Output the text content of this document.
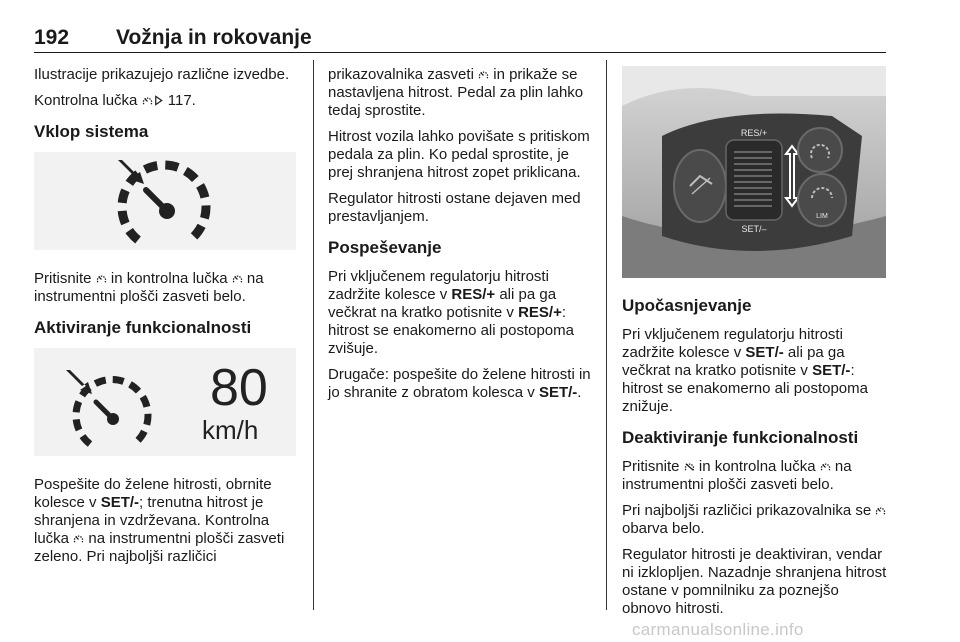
192 Vožnja in rokovanje

Ilustracije prikazujejo različne izvedbe.

Kontrolna lučka
117.

Vklop sistema

Pritisnite
in kontrolna lučka
na instrumentni plošči zasveti belo.

Aktiviranje funkcionalnosti
80
km/h

Pospešite do želene hitrosti, obrnite kolesce v SET/-; trenutna hitrost je shranjena in vzdrževana. Kontrolna lučka
na instrumentni plošči zasveti zeleno. Pri najboljši različici

prikazovalnika zasveti
in prikaže se nastavljena hitrost. Pedal za plin lahko tedaj sprostite.

Hitrost vozila lahko povišate s pritiskom pedala za plin. Ko pedal sprostite, je prej shranjena hitrost zopet priklicana.

Regulator hitrosti ostane dejaven med prestavljanjem.

Pospeševanje

Pri vključenem regulatorju hitrosti zadržite kolesce v RES/+ ali pa ga večkrat na kratko potisnite v RES/+: hitrost se enakomerno ali postopoma zvišuje.

Drugače: pospešite do želene hitrosti in jo shranite z obratom kolesca v SET/-.

RES/+
SET/–
LIM
Upočasnjevanje

Pri vključenem regulatorju hitrosti zadržite kolesce v SET/- ali pa ga večkrat na kratko potisnite v SET/-: hitrost se enakomerno ali postopoma znižuje.

Deaktiviranje funkcionalnosti

Pritisnite
in kontrolna lučka
na instrumentni plošči zasveti belo.

Pri najboljši različici prikazovalnika se
obarva belo.

Regulator hitrosti je deaktiviran, vendar ni izklopljen. Nazadnje shranjena hitrost ostane v pomnilniku za poznejšo obnovo hitrosti.

carmanualsonline.info
